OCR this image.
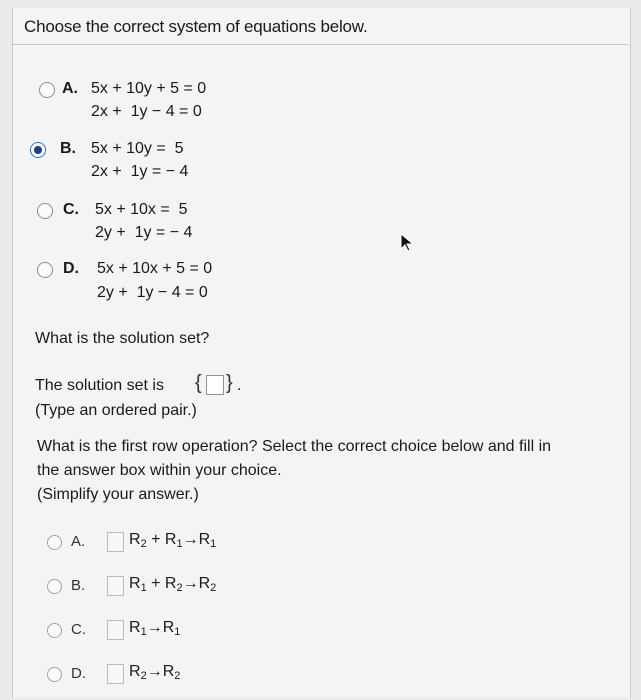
Choose the correct system of equations below.
A. 5x + 10y + 5 = 0
2x +  1y − 4 = 0
B. 5x + 10y =  5
2x +  1y = − 4
C. 5x + 10x =  5
2y +  1y = − 4
D. 5x + 10x + 5 = 0
2y +  1y − 4 = 0
What is the solution set?
The solution set is { } .
(Type an ordered pair.)
What is the first row operation? Select the correct choice below and fill in
the answer box within your choice.
(Simplify your answer.)
A.	$R_2 + R_1\to R_1$
B.	$R_1 + R_2\to R_2$
C.	$R_1\to R_1$
D.	$R_2\to R_2$
